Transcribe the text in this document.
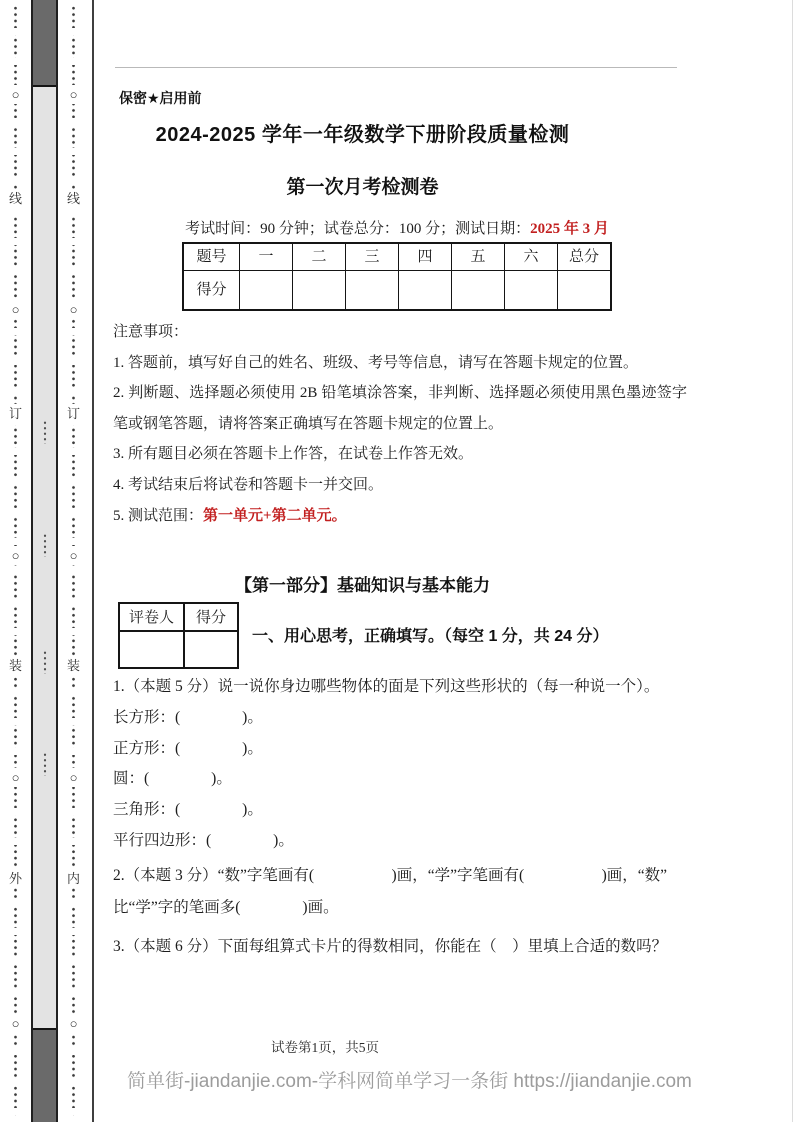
○
○
○
○
○
线
订
装
外
○
○
○
○
○
线
订
装
内
保密★启用前
2024-2025 学年一年级数学下册阶段质量检测
第一次月考检测卷
考试时间：90 分钟；试卷总分：100 分；测试日期：2025 年 3 月
题号	一	二	三	四	五	六	总分
得分
注意事项：
1. 答题前，填写好自己的姓名、班级、考号等信息，请写在答题卡规定的位置。
2. 判断题、选择题必须使用 2B 铅笔填涂答案，非判断、选择题必须使用黑色墨迹签字笔或钢笔答题，请将答案正确填写在答题卡规定的位置上。
3. 所有题目必须在答题卡上作答，在试卷上作答无效。
4. 考试结束后将试卷和答题卡一并交回。
5. 测试范围：第一单元+第二单元。
【第一部分】基础知识与基本能力
评卷人	得分
一、用心思考，正确填写。（每空 1 分，共 24 分）
1.（本题 5 分）说一说你身边哪些物体的面是下列这些形状的（每一种说一个）。
长方形：(　　　　)。
正方形：(　　　　)。
圆：(　　　　)。
三角形：(　　　　)。
平行四边形：(　　　　)。
2.（本题 3 分）“数”字笔画有(　　　　　)画，“学”字笔画有(　　　　　)画，“数”
比“学”字的笔画多(　　　　)画。
3.（本题 6 分）下面每组算式卡片的得数相同，你能在（　）里填上合适的数吗？
试卷第1页，共5页
简单街-jiandanjie.com-学科网简单学习一条街 https://jiandanjie.com
